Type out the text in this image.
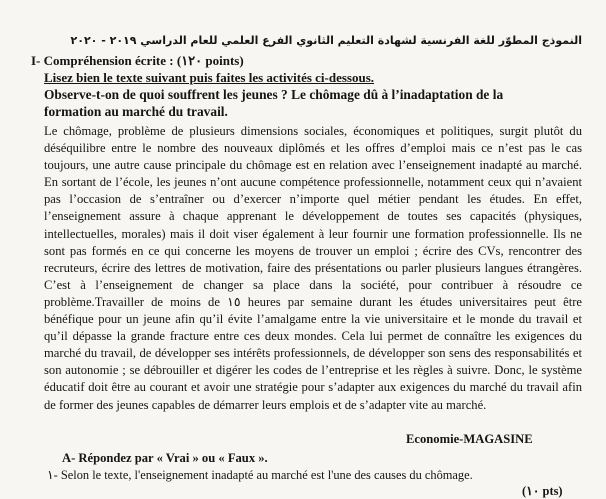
النموذج المطوّر للغة الفرنسية لشهادة التعليم الثانوي الفرع العلمي للعام الدراسي ٢٠١٩ - ٢٠٢٠
I- Compréhension écrite : (١٢٠ points)
Lisez bien le texte suivant puis faites les activités ci-dessous.
Observe-t-on de quoi souffrent les jeunes ? Le chômage dû à l’inadaptation de la formation au marché du travail.

Le chômage, problème de plusieurs dimensions sociales, économiques et politiques, surgit plutôt du déséquilibre entre le nombre des nouveaux diplômés et les offres d’emploi mais ce n’est pas le cas toujours, une autre cause principale du chômage est en relation avec l’enseignement inadapté au marché. En sortant de l’école, les jeunes n’ont aucune compétence professionnelle, notamment ceux qui n’avaient pas l’occasion de s’entraîner ou d’exercer n’importe quel métier pendant les études. En effet, l’enseignement assure à chaque apprenant le développement de toutes ses capacités (physiques, intellectuelles, morales) mais il doit viser également à leur fournir une formation professionnelle. Ils ne sont pas formés en ce qui concerne les moyens de trouver un emploi ; écrire des CVs, rencontrer des recruteurs, écrire des lettres de motivation, faire des présentations ou parler plusieurs langues étrangères. C’est à l’enseignement de changer sa place dans la société, pour contribuer à résoudre ce problème.Travailler de moins de ١٥ heures par semaine durant les études universitaires peut être bénéfique pour un jeune afin qu’il évite l’amalgame entre la vie universitaire et le monde du travail et qu’il dépasse la grande fracture entre ces deux mondes. Cela lui permet de connaître les exigences du marché du travail, de développer ses intérêts professionnels, de développer son sens des responsabilités et son autonomie ; se débrouiller et digérer les codes de l’entreprise et les règles à suivre. Donc, le système éducatif doit être au courant et avoir une stratégie pour s’adapter aux exigences du marché du travail afin de former des jeunes capables de démarrer leurs emplois et de s’adapter vite au marché.

Economie-MAGASINE
A- Répondez par « Vrai » ou « Faux ».
١- Selon le texte, l'enseignement inadapté au marché est l'une des causes du chômage.
(١٠ pts)
